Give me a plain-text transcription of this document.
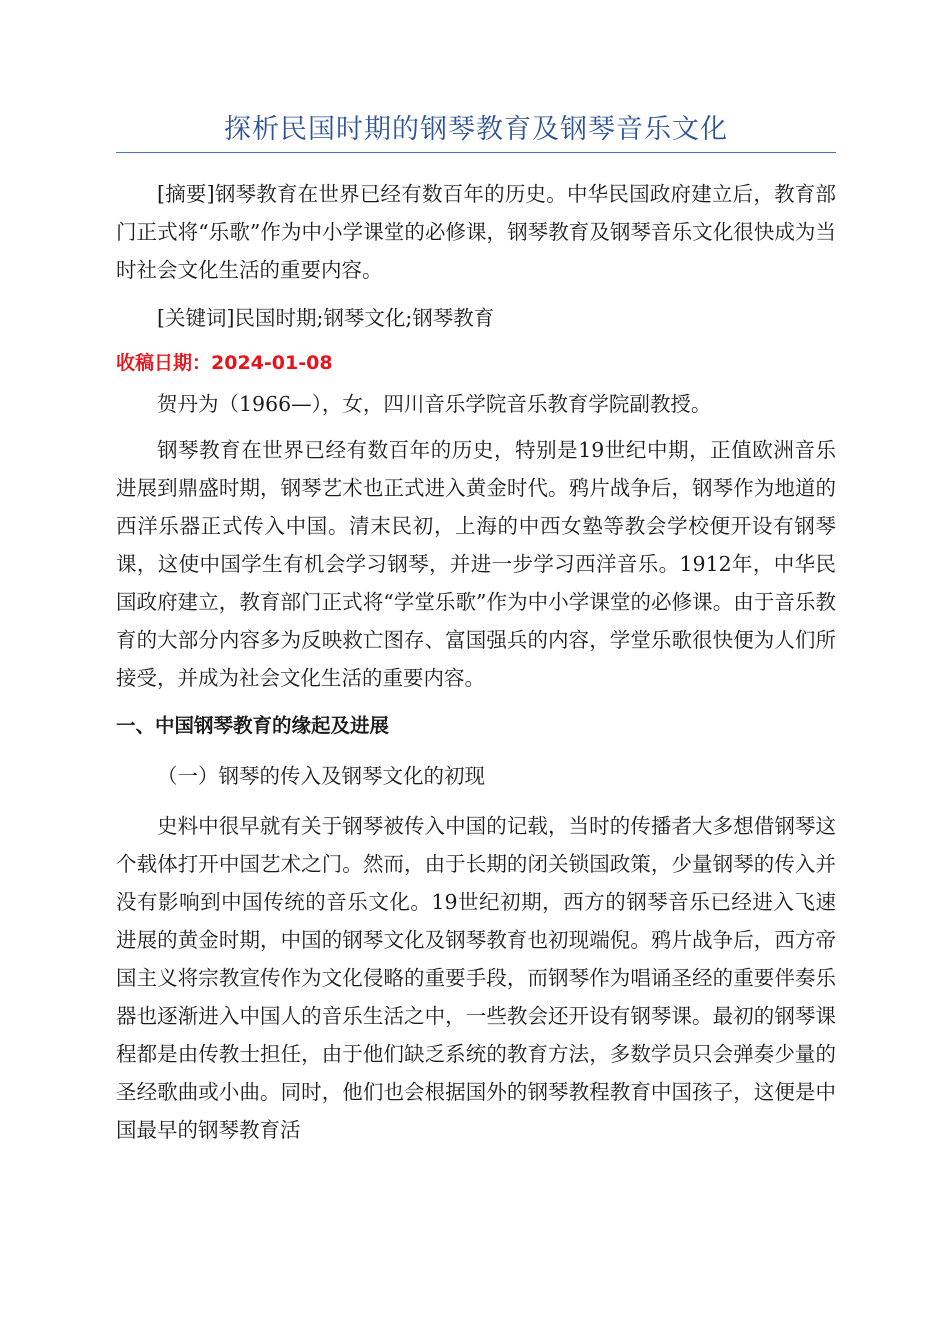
探析民国时期的钢琴教育及钢琴音乐文化

[摘要]钢琴教育在世界已经有数百年的历史。中华民国政府建立后，教育部门正式将“乐歌”作为中小学课堂的必修课，钢琴教育及钢琴音乐文化很快成为当时社会文化生活的重要内容。

[关键词]民国时期;钢琴文化;钢琴教育

收稿日期：2024-01-08

贺丹为（1966—），女，四川音乐学院音乐教育学院副教授。

钢琴教育在世界已经有数百年的历史，特别是19世纪中期，正值欧洲音乐进展到鼎盛时期，钢琴艺术也正式进入黄金时代。鸦片战争后，钢琴作为地道的西洋乐器正式传入中国。清末民初，上海的中西女塾等教会学校便开设有钢琴课，这使中国学生有机会学习钢琴，并进一步学习西洋音乐。1912年，中华民国政府建立，教育部门正式将“学堂乐歌”作为中小学课堂的必修课。由于音乐教育的大部分内容多为反映救亡图存、富国强兵的内容，学堂乐歌很快便为人们所接受，并成为社会文化生活的重要内容。

一、中国钢琴教育的缘起及进展

（一）钢琴的传入及钢琴文化的初现

史料中很早就有关于钢琴被传入中国的记载，当时的传播者大多想借钢琴这个载体打开中国艺术之门。然而，由于长期的闭关锁国政策，少量钢琴的传入并没有影响到中国传统的音乐文化。19世纪初期，西方的钢琴音乐已经进入飞速进展的黄金时期，中国的钢琴文化及钢琴教育也初现端倪。鸦片战争后，西方帝国主义将宗教宣传作为文化侵略的重要手段，而钢琴作为唱诵圣经的重要伴奏乐器也逐渐进入中国人的音乐生活之中，一些教会还开设有钢琴课。最初的钢琴课程都是由传教士担任，由于他们缺乏系统的教育方法，多数学员只会弹奏少量的圣经歌曲或小曲。同时，他们也会根据国外的钢琴教程教育中国孩子，这便是中国最早的钢琴教育活
